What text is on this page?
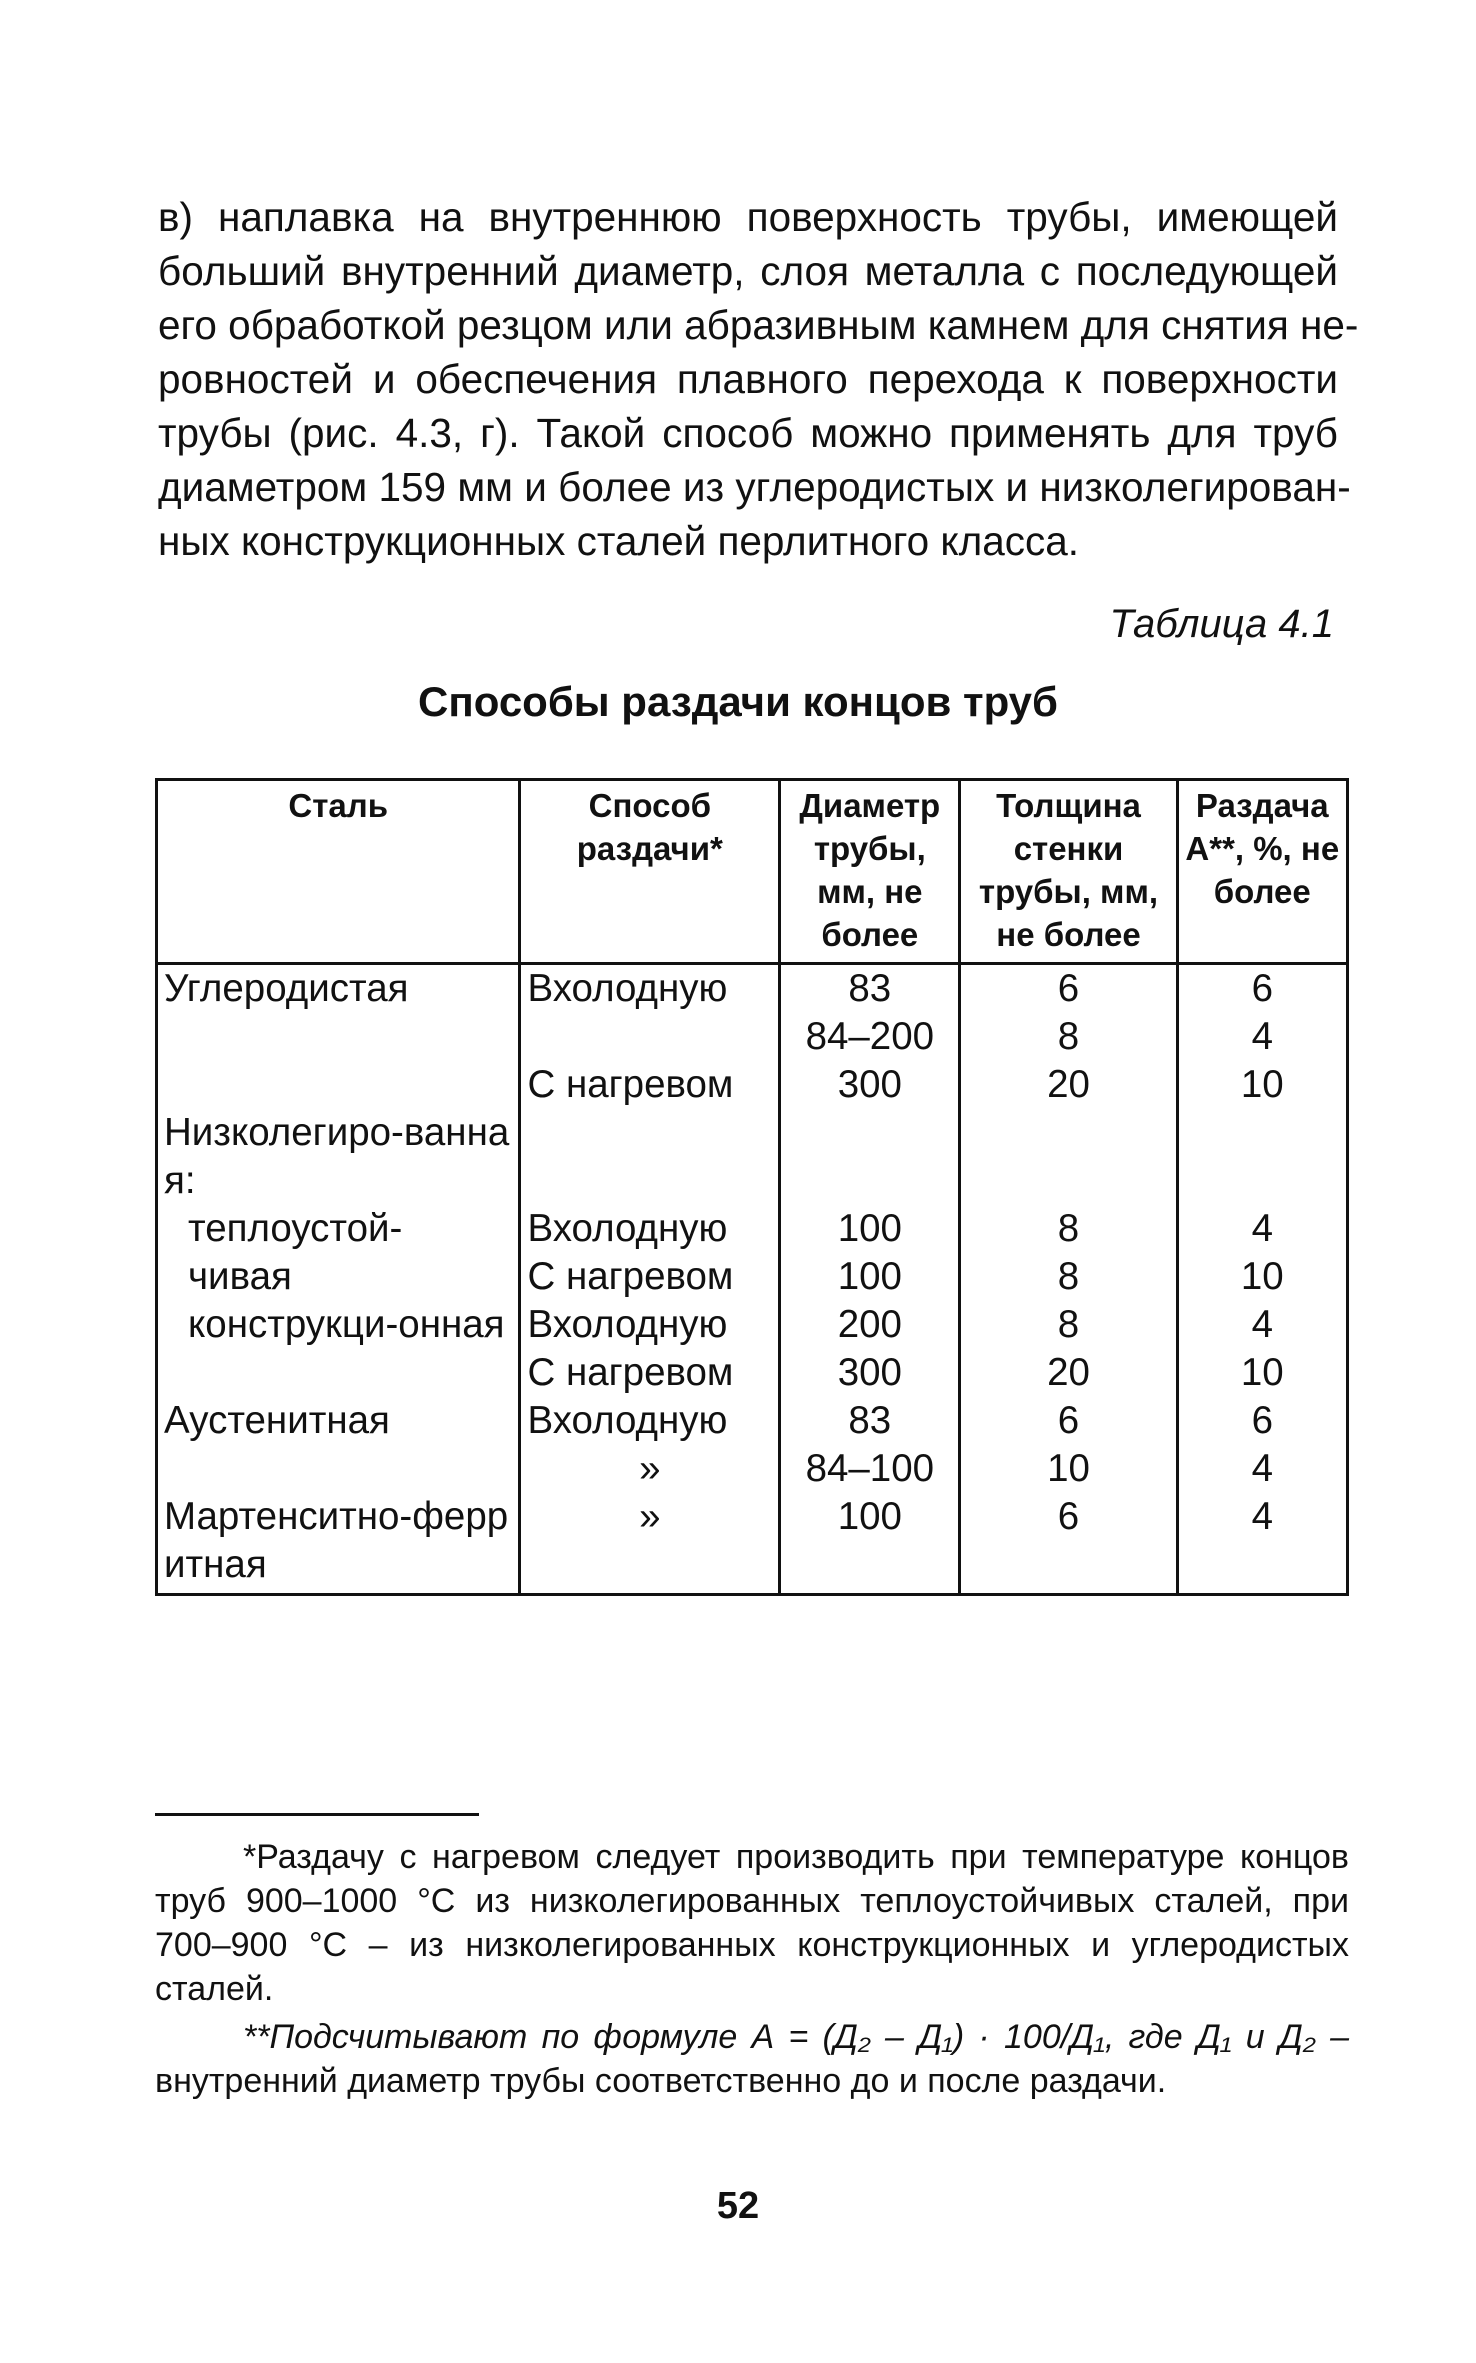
в) наплавка на внутреннюю поверхность трубы, имеющей
больший внутренний диаметр, слоя металла с последующей
его обработкой резцом или абразивным камнем для снятия не-
ровностей и обеспечения плавного перехода к поверхности
трубы (рис. 4.3, г). Такой способ можно применять для труб
диаметром 159 мм и более из углеродистых и низколегирован-
ных конструкционных сталей перлитного класса.
Таблица 4.1
Способы раздачи концов труб
Сталь	Способ раздачи*	Диаметр трубы, мм, не более	Толщина стенки трубы, мм, не более	Раздача А**, %, не более
Углеродистая	Вхолодную	83	6	6
		84–200	8	4
	С нагревом	300	20	10
Низколегиро-ванная:				
теплоустой-	Вхолодную	100	8	4
чивая	С нагревом	100	8	10
конструкци-онная	Вхолодную	200	8	4
	С нагревом	300	20	10
Аустенитная	Вхолодную	83	6	6
	»	84–100	10	4
Мартенситно-ферритная	»	100	6	4
*Раздачу с нагревом следует производить при температуре концов
труб 900–1000 °С из низколегированных теплоустойчивых сталей, при
700–900 °С – из низколегированных конструкционных и углеродистых
сталей.
**Подсчитывают по формуле А = (Д₂ – Д₁) · 100/Д₁, где Д₁ и Д₂ –
внутренний диаметр трубы соответственно до и после раздачи.
52
